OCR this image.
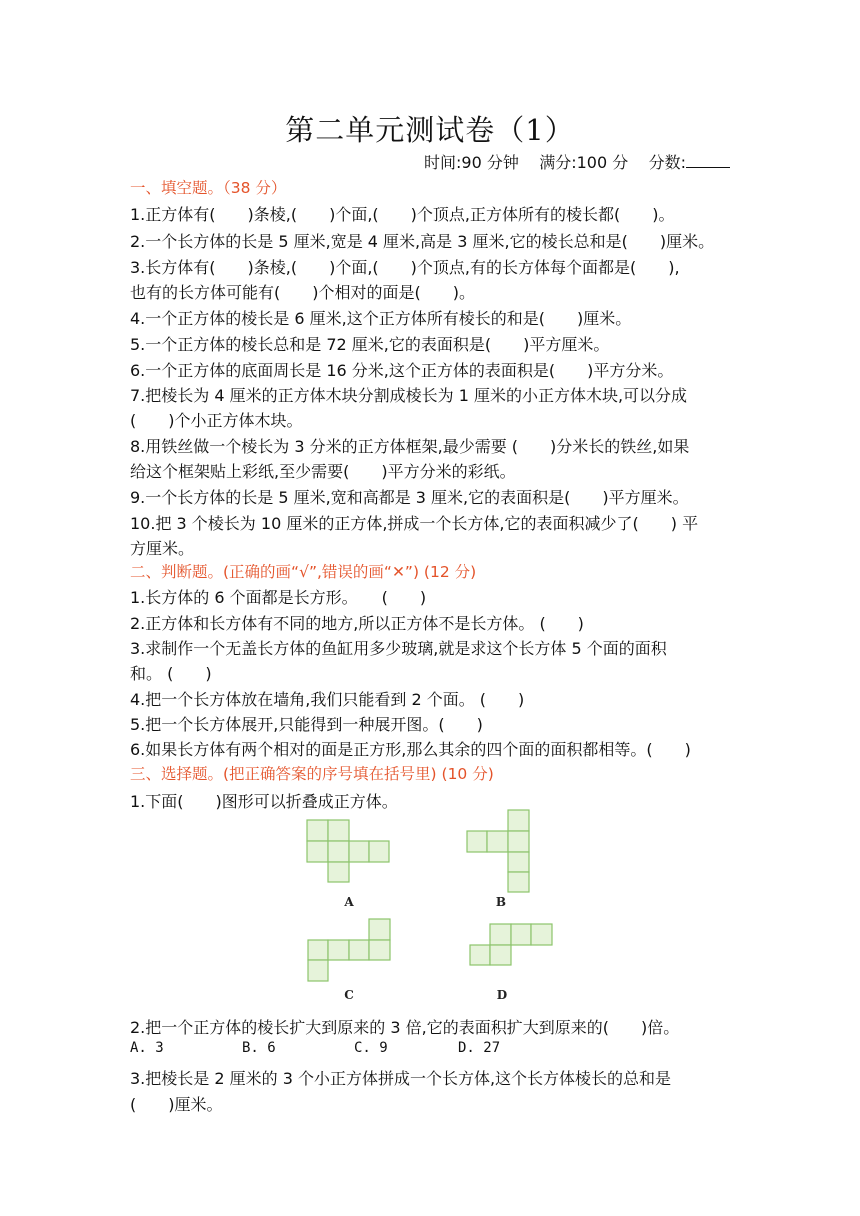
第二单元测试卷（1）
时间:90 分钟 满分:100 分 分数:
一、填空题。（38 分）
1.正方体有(　　)条棱,(　　)个面,(　　)个顶点,正方体所有的棱长都(　　)。
2.一个长方体的长是 5 厘米,宽是 4 厘米,高是 3 厘米,它的棱长总和是(　　)厘米。
3.长方体有(　　)条棱,(　　)个面,(　　)个顶点,有的长方体每个面都是(　　),
也有的长方体可能有(　　)个相对的面是(　　)。
4.一个正方体的棱长是 6 厘米,这个正方体所有棱长的和是(　　)厘米。
5.一个正方体的棱长总和是 72 厘米,它的表面积是(　　)平方厘米。
6.一个正方体的底面周长是 16 分米,这个正方体的表面积是(　　)平方分米。
7.把棱长为 4 厘米的正方体木块分割成棱长为 1 厘米的小正方体木块,可以分成
(　　)个小正方体木块。
8.用铁丝做一个棱长为 3 分米的正方体框架,最少需要 (　　)分米长的铁丝,如果
给这个框架贴上彩纸,至少需要(　　)平方分米的彩纸。
9.一个长方体的长是 5 厘米,宽和高都是 3 厘米,它的表面积是(　　)平方厘米。
10.把 3 个棱长为 10 厘米的正方体,拼成一个长方体,它的表面积减少了(　　) 平
方厘米。
二、判断题。(正确的画“√”,错误的画“✕”) (12 分)
1.长方体的 6 个面都是长方形。　　(　　)
2.正方体和长方体有不同的地方,所以正方体不是长方体。 (　　)
3.求制作一个无盖长方体的鱼缸用多少玻璃,就是求这个长方体 5 个面的面积
和。 (　　)
4.把一个长方体放在墙角,我们只能看到 2 个面。 (　　)
5.把一个长方体展开,只能得到一种展开图。(　　)
6.如果长方体有两个相对的面是正方形,那么其余的四个面的面积都相等。(　　)
三、选择题。(把正确答案的序号填在括号里) (10 分)
1.下面(　　)图形可以折叠成正方体。
A	B
C	D
2.把一个正方体的棱长扩大到原来的 3 倍,它的表面积扩大到原来的(　　)倍。
A. 3	B. 6	C. 9	D. 27
3.把棱长是 2 厘米的 3 个小正方体拼成一个长方体,这个长方体棱长的总和是
(　　)厘米。
